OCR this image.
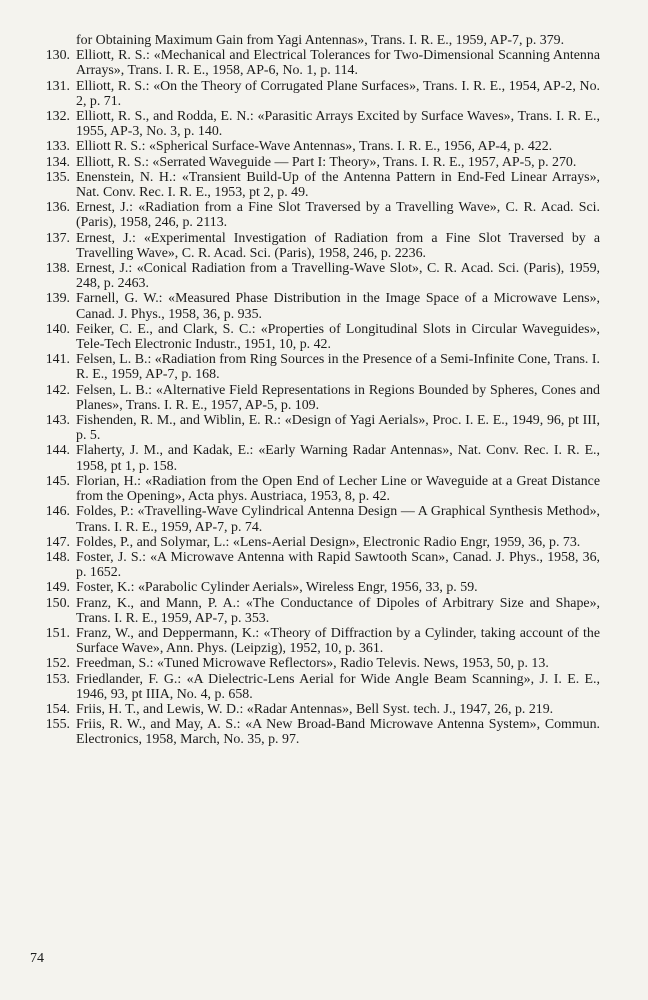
for Obtaining Maximum Gain from Yagi Antennas», Trans. I. R. E., 1959, AP-7, p. 379.

130. Elliott, R. S.: «Mechanical and Electrical Tolerances for Two-Dimensional Scanning Antenna Arrays», Trans. I. R. E., 1958, AP-6, No. 1, p. 114.

131. Elliott, R. S.: «On the Theory of Corrugated Plane Surfaces», Trans. I. R. E., 1954, AP-2, No. 2, p. 71.

132. Elliott, R. S., and Rodda, E. N.: «Parasitic Arrays Excited by Surface Waves», Trans. I. R. E., 1955, AP-3, No. 3, p. 140.

133. Elliott R. S.: «Spherical Surface-Wave Antennas», Trans. I. R. E., 1956, AP-4, p. 422.

134. Elliott, R. S.: «Serrated Waveguide — Part I: Theory», Trans. I. R. E., 1957, AP-5, p. 270.

135. Enenstein, N. H.: «Transient Build-Up of the Antenna Pattern in End-Fed Linear Arrays», Nat. Conv. Rec. I. R. E., 1953, pt 2, p. 49.

136. Ernest, J.: «Radiation from a Fine Slot Traversed by a Travelling Wave», C. R. Acad. Sci. (Paris), 1958, 246, p. 2113.

137. Ernest, J.: «Experimental Investigation of Radiation from a Fine Slot Traversed by a Travelling Wave», C. R. Acad. Sci. (Paris), 1958, 246, p. 2236.

138. Ernest, J.: «Conical Radiation from a Travelling-Wave Slot», C. R. Acad. Sci. (Paris), 1959, 248, p. 2463.

139. Farnell, G. W.: «Measured Phase Distribution in the Image Space of a Microwave Lens», Canad. J. Phys., 1958, 36, p. 935.

140. Feiker, C. E., and Clark, S. C.: «Properties of Longitudinal Slots in Circular Waveguides», Tele-Tech Electronic Industr., 1951, 10, p. 42.

141. Felsen, L. B.: «Radiation from Ring Sources in the Presence of a Semi-Infinite Cone, Trans. I. R. E., 1959, AP-7, p. 168.

142. Felsen, L. B.: «Alternative Field Representations in Regions Bounded by Spheres, Cones and Planes», Trans. I. R. E., 1957, AP-5, p. 109.

143. Fishenden, R. M., and Wiblin, E. R.: «Design of Yagi Aerials», Proc. I. E. E., 1949, 96, pt III, p. 5.

144. Flaherty, J. M., and Kadak, E.: «Early Warning Radar Antennas», Nat. Conv. Rec. I. R. E., 1958, pt 1, p. 158.

145. Florian, H.: «Radiation from the Open End of Lecher Line or Waveguide at a Great Distance from the Opening», Acta phys. Austriaca, 1953, 8, p. 42.

146. Foldes, P.: «Travelling-Wave Cylindrical Antenna Design — A Graphical Synthesis Method», Trans. I. R. E., 1959, AP-7, p. 74.

147. Foldes, P., and Solymar, L.: «Lens-Aerial Design», Electronic Radio Engr, 1959, 36, p. 73.

148. Foster, J. S.: «A Microwave Antenna with Rapid Sawtooth Scan», Canad. J. Phys., 1958, 36, p. 1652.

149. Foster, K.: «Parabolic Cylinder Aerials», Wireless Engr, 1956, 33, p. 59.

150. Franz, K., and Mann, P. A.: «The Conductance of Dipoles of Arbitrary Size and Shape», Trans. I. R. E., 1959, AP-7, p. 353.

151. Franz, W., and Deppermann, K.: «Theory of Diffraction by a Cylinder, taking account of the Surface Wave», Ann. Phys. (Leipzig), 1952, 10, p. 361.

152. Freedman, S.: «Tuned Microwave Reflectors», Radio Televis. News, 1953, 50, p. 13.

153. Friedlander, F. G.: «A Dielectric-Lens Aerial for Wide Angle Beam Scanning», J. I. E. E., 1946, 93, pt IIIA, No. 4, p. 658.

154. Friis, H. T., and Lewis, W. D.: «Radar Antennas», Bell Syst. tech. J., 1947, 26, p. 219.

155. Friis, R. W., and May, A. S.: «A New Broad-Band Microwave Antenna System», Commun. Electronics, 1958, March, No. 35, p. 97.

74
